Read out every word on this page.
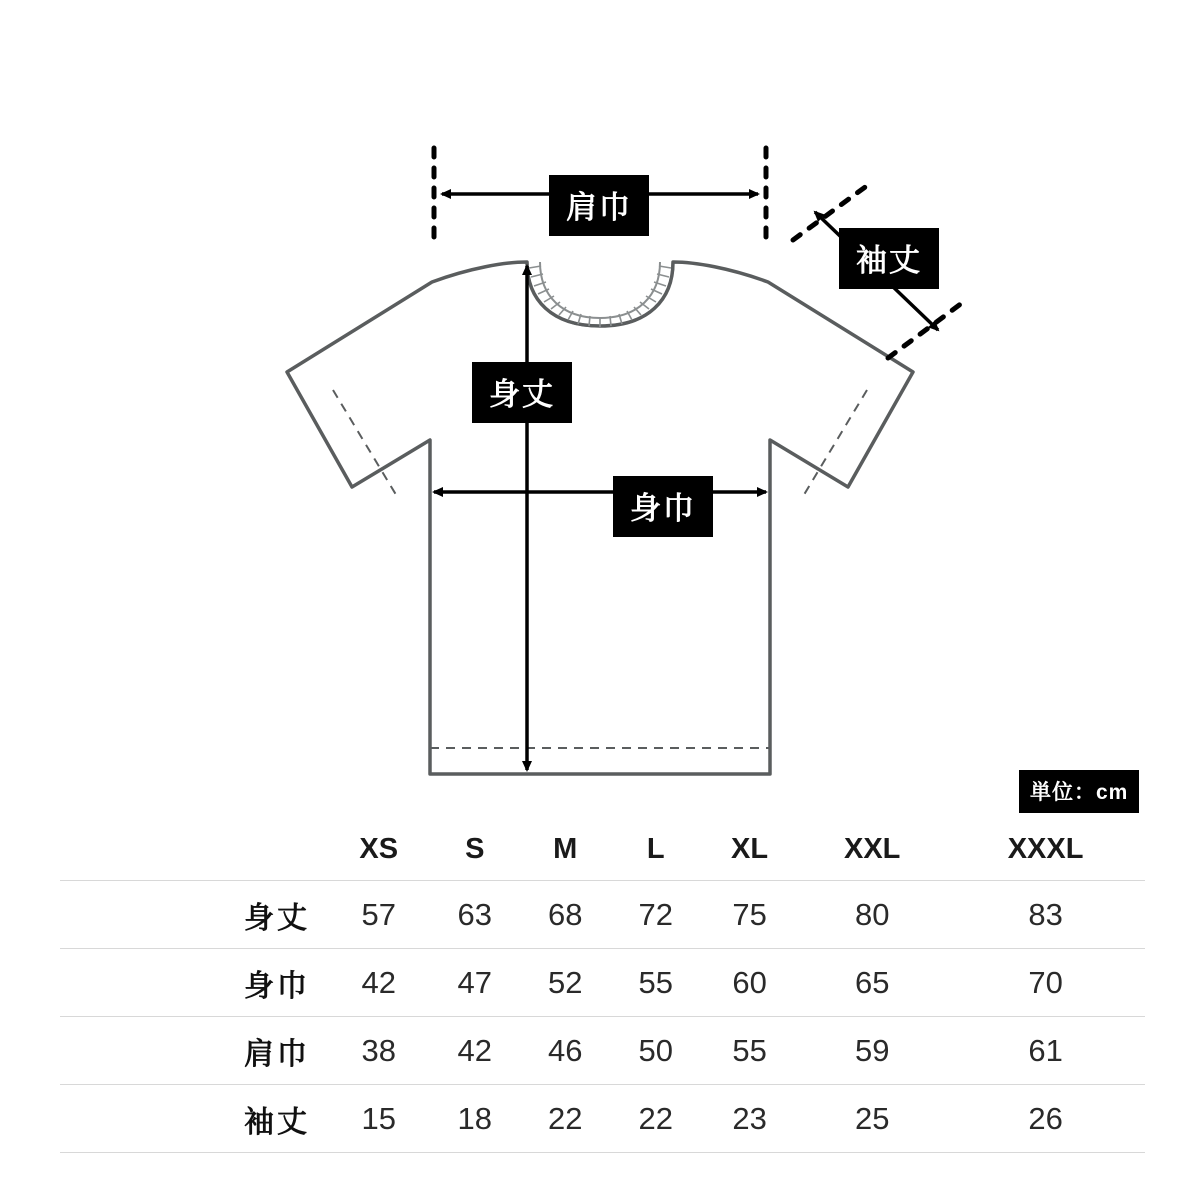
肩巾
袖丈
身丈
身巾
単位：cm
	XS	S	M	L	XL	XXL	XXXL
身丈	57	63	68	72	75	80	83
身巾	42	47	52	55	60	65	70
肩巾	38	42	46	50	55	59	61
袖丈	15	18	22	22	23	25	26
